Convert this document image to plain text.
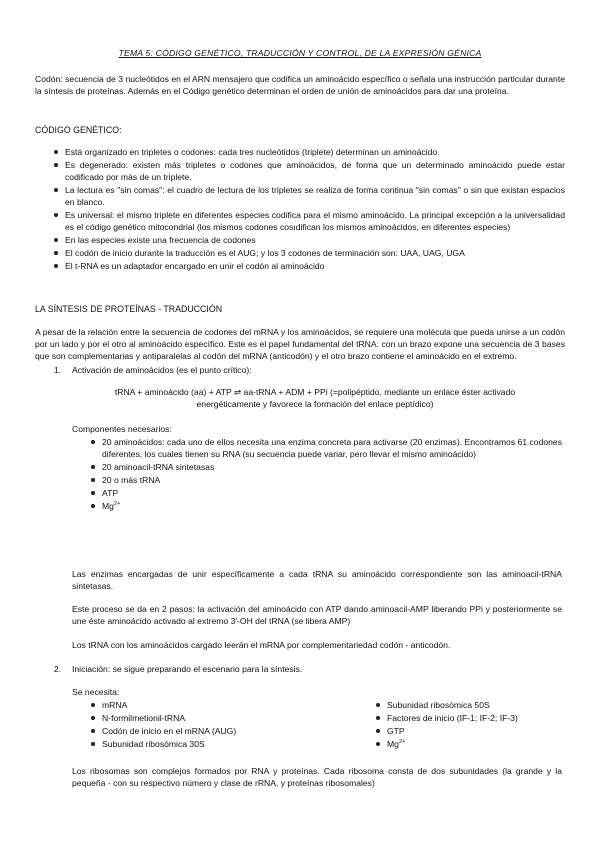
TEMA 5: CÓDIGO GENÉTICO, TRADUCCIÓN Y CONTROL, DE LA EXPRESIÓN GÉNICA
Codón: secuencia de 3 nucleótidos en el ARN mensajero que codifica un aminoácido específico o señala una instrucción particular durante la síntesis de proteínas. Además en el Código genético determinan el orden de unión de aminoácidos para dar una proteína.
CÓDIGO GENÉTICO:
Está organizado en tripletes o codones: cada tres nucleótidos (triplete) determinan un aminoácido.
Es degenerado: existen más tripletes o codones que aminoácidos, de forma que un determinado aminoácido puede estar codificado por más de un triplete.
La lectura es "sin comas": el cuadro de lectura de los tripletes se realiza de forma continua "sin comas" o sin que existan espacios en blanco.
Es universal: el mismo triplete en diferentes especies codifica para el mismo aminoácido. La principal excepción a la universalidad es el código genético mitocondrial (los mismos codones cosıdifican los mismos aminoácidos, en diferentes especies)
En las especies existe una frecuencia de codones
El codón de inicio durante la traducción es el AUG; y los 3 codones de terminación son: UAA, UAG, UGA
El t-RNA es un adaptador encargado en unir el codón al aminoácido
LA SÍNTESIS DE PROTEÍNAS - TRADUCCIÓN
A pesar de la relación entre la secuencia de codones del mRNA y los aminoácidos, se requiere una molécula que pueda unirse a un codón por un lado y por el otro al aminoácido específico. Este es el papel fundamental del tRNA: con un brazo expone una secuencia de 3 bases que son complementarias y antiparalelas al codón del mRNA (anticodón) y el otro brazo contiene el aminoácido en el extremo.
1. Activación de aminoácidos (es el punto crítico):
tRNA + aminoácido (aa) + ATP ⇌ aa-tRNA + ADM + PPi (=polipéptido, mediante un enlace éster activado
energéticamente y favorece la formación del enlace peptídico)
Componentes necesarios:
20 aminoácidos: cada uno de ellos necesita una enzima concreta para activarse (20 enzimas). Encontramos 61 codones diferentes, los cuales tienen su RNA (su secuencia puede variar, pero llevar el mismo aminoácido)
20 aminoacil-tRNA sintetasas
20 o más tRNA
ATP
$Mg^{2+}$
Las enzimas encargadas de unir específicamente a cada tRNA su aminoácido correspondiente son las aminoacil-tRNA sintetasas.
Este proceso se da en 2 pasos: la activación del aminoácido con ATP dando aminoacil-AMP liberando PPi y posteriormente se une éste aminoácido activado al extremo 3'-OH del tRNA (se libera AMP)
Los tRNA con los aminoácidos cargado leerán el mRNA por complementariedad codón - anticodón.
2. Iniciación: se sigue preparando el escenario para la síntesis.
Se necesita:
mRNA
N-formilmetionil-tRNA
Codón de inicio en el mRNA (AUG)
Subunidad ribosómica 30S
Subunidad ribosómica 50S
Factores de inicio (IF-1; IF-2; IF-3)
GTP
$Mg^{2+}$
Los ribosomas son complejos formados por RNA y proteínas. Cada ribosoma consta de dos subunidades (la grande y la pequeña - con su respectivo número y clase de rRNA, y proteínas ribosomales)
